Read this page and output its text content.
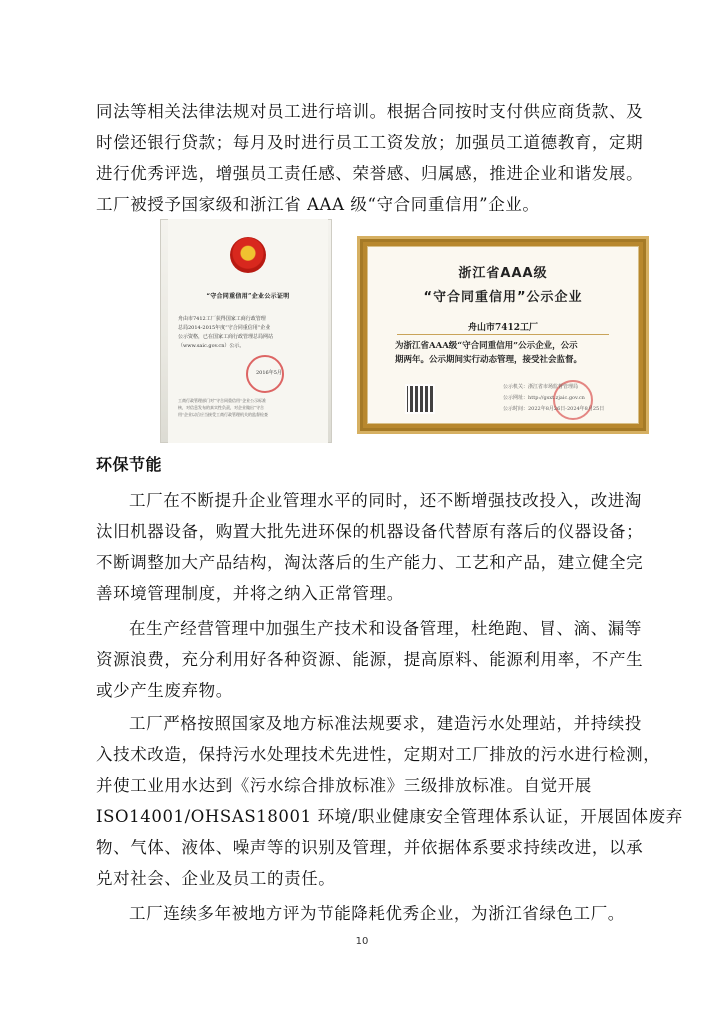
同法等相关法律法规对员工进行培训。根据合同按时支付供应商货款、及
时偿还银行贷款；每月及时进行员工工资发放；加强员工道德教育，定期
进行优秀评选，增强员工责任感、荣誉感、归属感，推进企业和谐发展。
工厂被授予国家级和浙江省 AAA 级“守合同重信用”企业。

“守合同重信用”企业公示证明
舟由市7412工厂获得国家工商行政管理
总局2014-2015年度“守合同重信用”企业
公示资格，已在国家工商行政管理总局网站
（www.saic.gov.cn）公示。
2016年5月
工商行政管理部门对“守合同重信用”企业公示标准
核，对信息发布的真实性负责，对企业做出“守合
用”企业以后应当接受工商行政管理机关的监督检查
浙江省AAA级
“守合同重信用”公示企业
舟山市7412工厂
为浙江省AAA级“守合同重信用”公示企业，公示
期两年。公示期间实行动态管理，接受社会监督。
公示机关：浙江省市场监督管理局
公示网址：http://gsxt.zjaic.gov.cn
公示时间：2022年8月26日-2024年8月25日
环保节能

工厂在不断提升企业管理水平的同时，还不断增强技改投入，改进淘
汰旧机器设备，购置大批先进环保的机器设备代替原有落后的仪器设备；
不断调整加大产品结构，淘汰落后的生产能力、工艺和产品，建立健全完
善环境管理制度，并将之纳入正常管理。

在生产经营管理中加强生产技术和设备管理，杜绝跑、冒、滴、漏等
资源浪费，充分利用好各种资源、能源，提高原料、能源利用率，不产生
或少产生废弃物。

工厂严格按照国家及地方标准法规要求，建造污水处理站，并持续投
入技术改造，保持污水处理技术先进性，定期对工厂排放的污水进行检测，
并使工业用水达到《污水综合排放标准》三级排放标准。自觉开展
ISO14001/OHSAS18001 环境/职业健康安全管理体系认证，开展固体废弃
物、气体、液体、噪声等的识别及管理，并依据体系要求持续改进，以承
兑对社会、企业及员工的责任。

工厂连续多年被地方评为节能降耗优秀企业，为浙江省绿色工厂。

10
